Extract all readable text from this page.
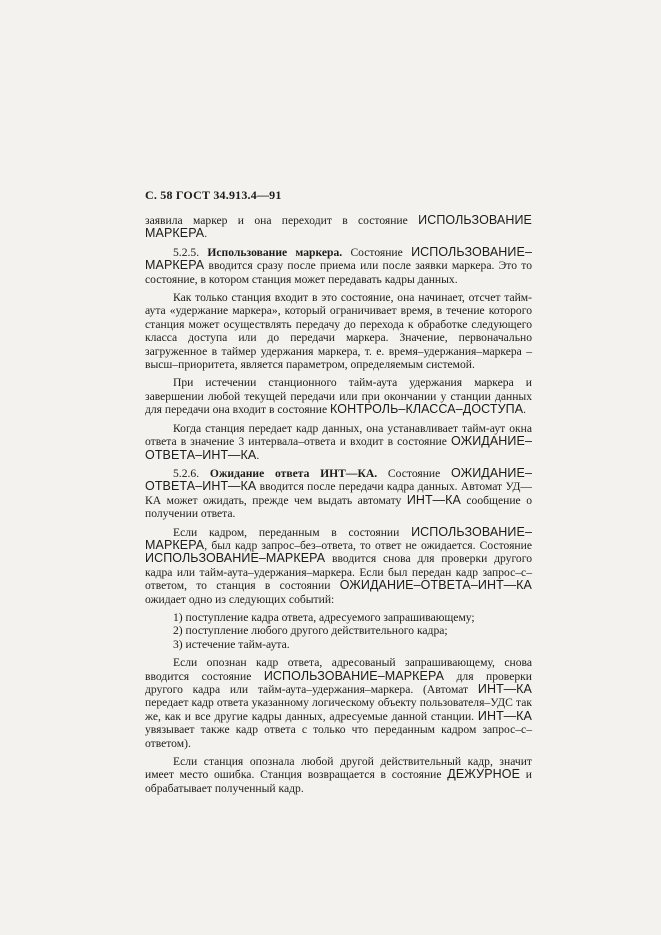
С. 58 ГОСТ 34.913.4—91

заявила маркер и она переходит в состояние ИСПОЛЬЗОВАНИЕ МАРКЕРА.

5.2.5. Использование маркера. Состояние ИСПОЛЬЗОВАНИЕ–МАРКЕРА вводится сразу после приема или после заявки маркера. Это то состояние, в котором станция может передавать кадры данных.

Как только станция входит в это состояние, она начинает, отсчет тайм-аута «удержание маркера», который ограничивает время, в течение которого станция может осуществлять передачу до перехода к обработке следующего класса доступа или до передачи маркера. Значение, первоначально загруженное в таймер удержания маркера, т. е. время–удержания–маркера –высш–приоритета, является параметром, определяемым системой.

При истечении станционного тайм-аута удержания маркера и завершении любой текущей передачи или при окончании у станции данных для передачи она входит в состояние КОНТРОЛЬ–КЛАССА–ДОСТУПА.

Когда станция передает кадр данных, она устанавливает тайм-аут окна ответа в значение 3 интервала–ответа и входит в состояние ОЖИДАНИЕ–ОТВЕТА–ИНТ—КА.

5.2.6. Ожидание ответа ИНТ—КА. Состояние ОЖИДАНИЕ–ОТВЕТА–ИНТ—КА вводится после передачи кадра данных. Автомат УД—КА может ожидать, прежде чем выдать автомату ИНТ—КА сообщение о получении ответа.

Если кадром, переданным в состоянии ИСПОЛЬЗОВАНИЕ–МАРКЕРА, был кадр запрос–без–ответа, то ответ не ожидается. Состояние ИСПОЛЬЗОВАНИЕ–МАРКЕРА вводится снова для проверки другого кадра или тайм-аута–удержания–маркера. Если был передан кадр запрос–с–ответом, то станция в состоянии ОЖИДАНИЕ–ОТВЕТА–ИНТ—КА ожидает одно из следующих событий:

1) поступление кадра ответа, адресуемого запрашивающему;
2) поступление любого другого действительного кадра;
3) истечение тайм-аута.

Если опознан кадр ответа, адресованый запрашивающему, снова вводится состояние ИСПОЛЬЗОВАНИЕ–МАРКЕРА для проверки другого кадра или тайм-аута–удержания–маркера. (Автомат ИНТ—КА передает кадр ответа указанному логическому объекту пользователя–УДС так же, как и все другие кадры данных, адресуемые данной станции. ИНТ—КА увязывает также кадр ответа с только что переданным кадром запрос–с–ответом).

Если станция опознала любой другой действительный кадр, значит имеет место ошибка. Станция возвращается в состояние ДЕЖУРНОЕ и обрабатывает полученный кадр.
